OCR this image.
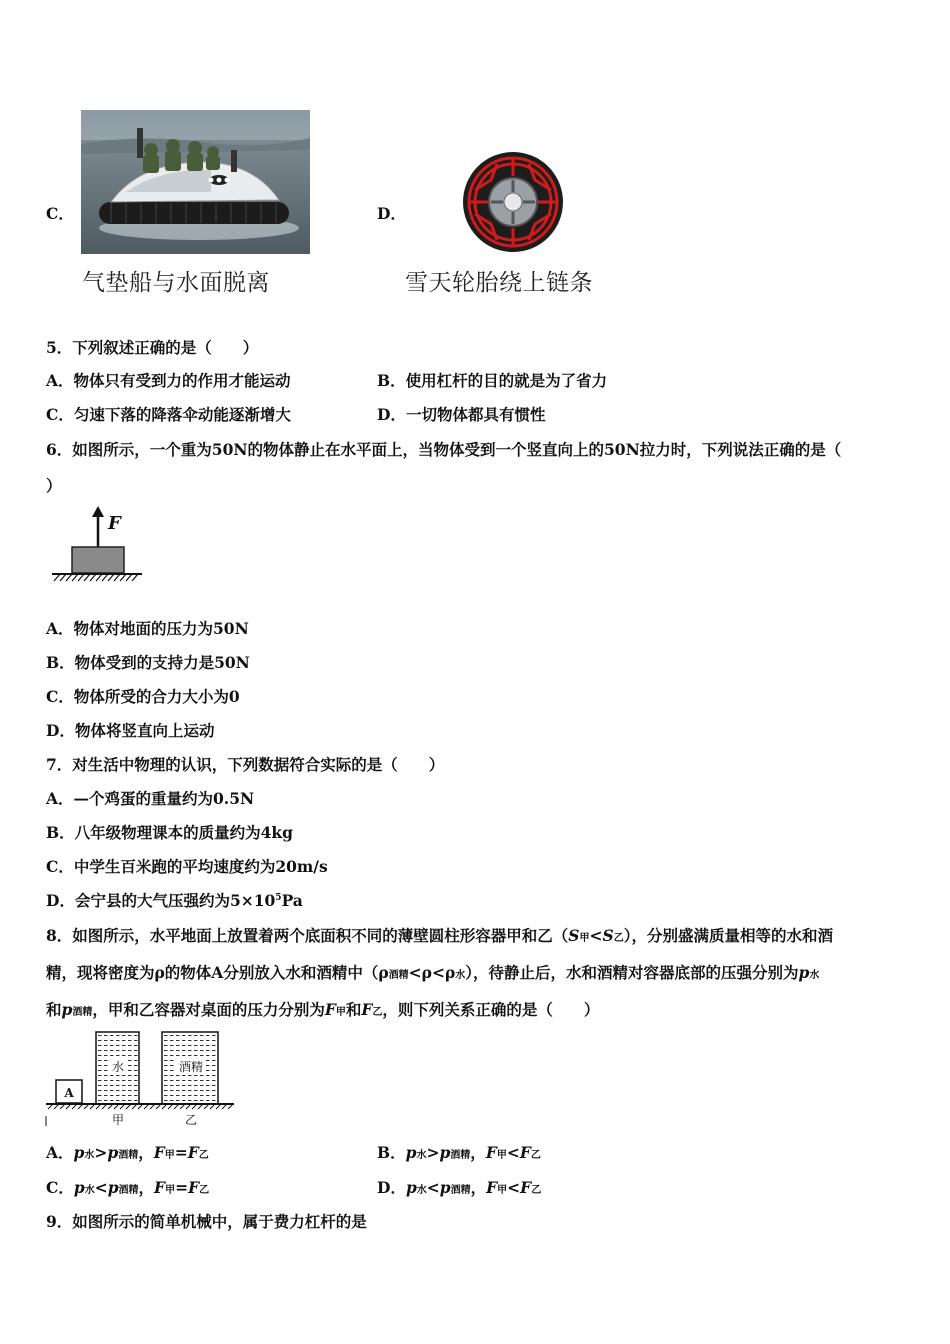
C．
气垫船与水面脱离
D．
雪天轮胎绕上链条
5．下列叙述正确的是（　　）
A．物体只有受到力的作用才能运动	B．使用杠杆的目的就是为了省力
C．匀速下落的降落伞动能逐渐增大	D．一切物体都具有惯性
6．如图所示，一个重为50N的物体静止在水平面上，当物体受到一个竖直向上的50N拉力时，下列说法正确的是（
）
F
A．物体对地面的压力为50N
B．物体受到的支持力是50N
C．物体所受的合力大小为0
D．物体将竖直向上运动
7．对生活中物理的认识，下列数据符合实际的是（　　）
A．—个鸡蛋的重量约为0.5N
B．八年级物理课本的质量约为4kg
C．中学生百米跑的平均速度约为20m/s
D．会宁县的大气压强约为$5\times 10^5Pa$
8．如图所示，水平地面上放置着两个底面积不同的薄壁圆柱形容器甲和乙（S甲<S乙），分别盛满质量相等的水和酒
精，现将密度为ρ的物体A分别放入水和酒精中（ρ酒精<ρ<ρ水），待静止后，水和酒精对容器底部的压强分别为p水
和p酒精，甲和乙容器对桌面的压力分别为F甲和F乙，则下列关系正确的是（　　）
A
水	酒精
甲	乙
A．p水>p酒精，F甲=F乙	B．p水>p酒精，F甲<F乙
C．p水<p酒精，F甲=F乙	D．p水<p酒精，F甲<F乙
9．如图所示的简单机械中，属于费力杠杆的是
